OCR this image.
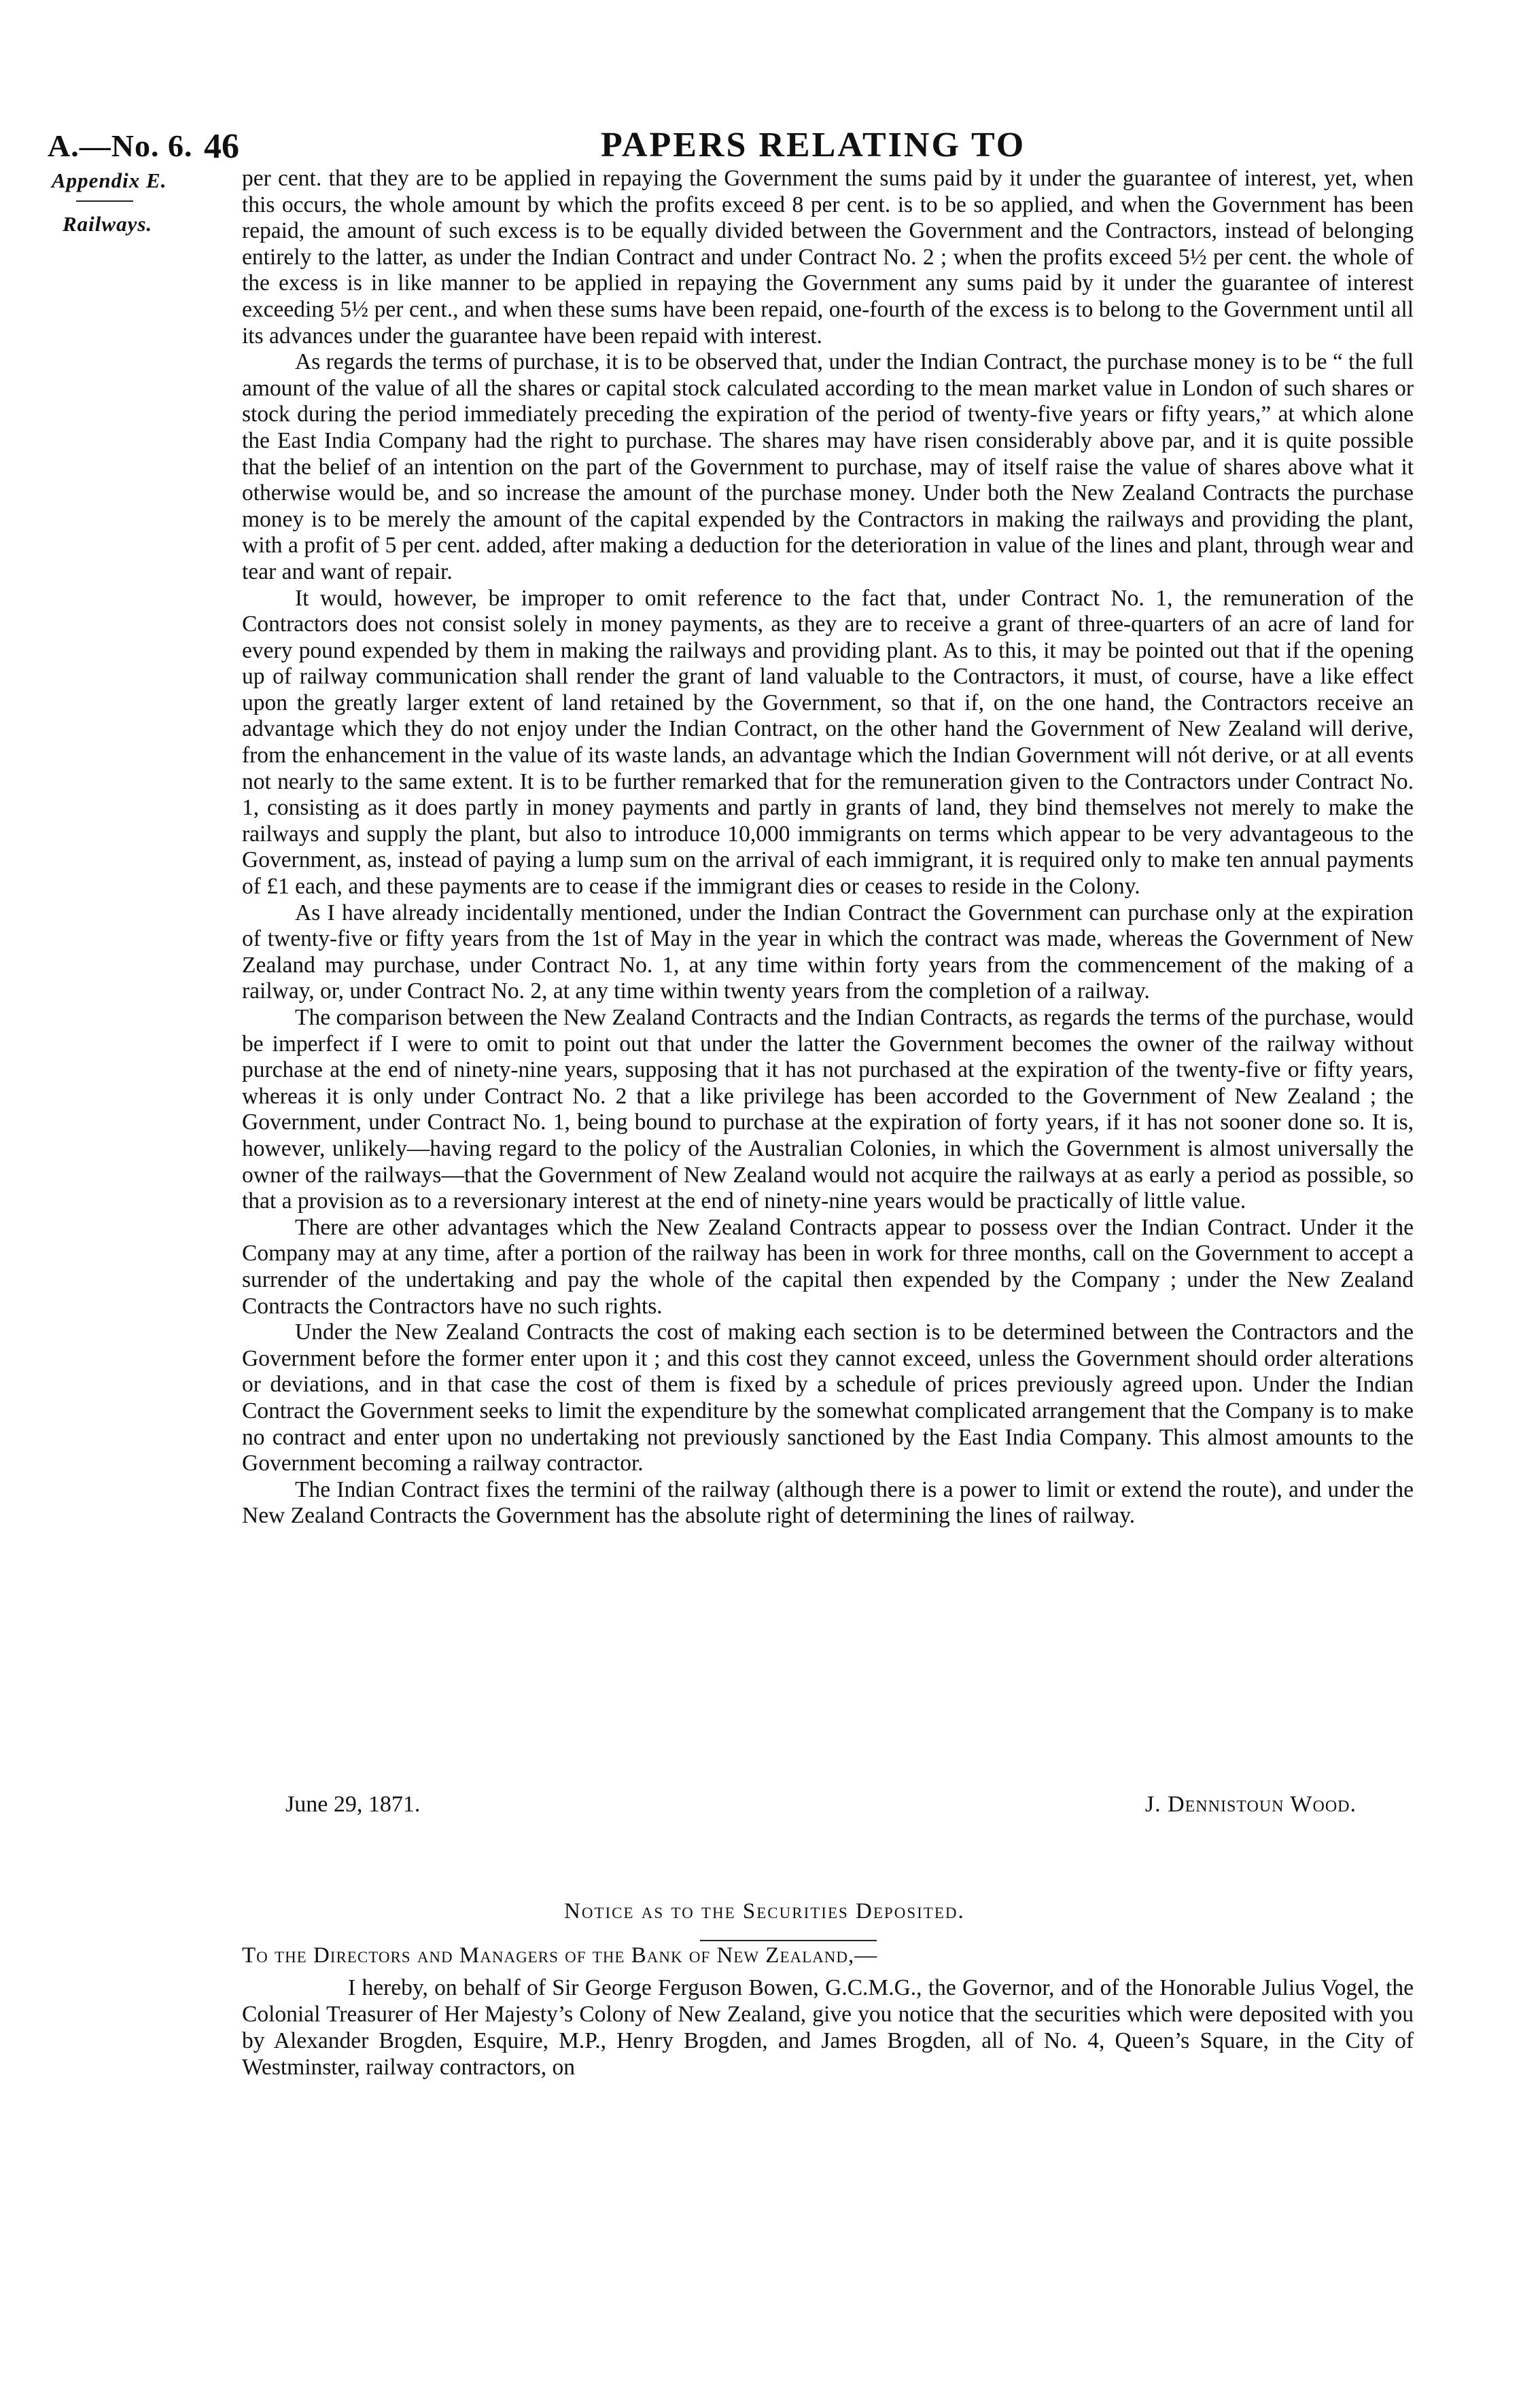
A.—No. 6. 46	PAPERS RELATING TO
Appendix E.
Railways.

per cent. that they are to be applied in repaying the Government the sums paid by it under the guarantee of interest, yet, when this occurs, the whole amount by which the profits exceed 8 per cent. is to be so applied, and when the Government has been repaid, the amount of such excess is to be equally divided between the Government and the Contractors, instead of belonging entirely to the latter, as under the Indian Contract and under Contract No. 2 ; when the profits exceed 5½ per cent. the whole of the excess is in like manner to be applied in repaying the Government any sums paid by it under the guarantee of interest exceeding 5½ per cent., and when these sums have been repaid, one-fourth of the excess is to belong to the Government until all its advances under the guarantee have been repaid with interest.

As regards the terms of purchase, it is to be observed that, under the Indian Contract, the purchase money is to be “ the full amount of the value of all the shares or capital stock calculated according to the mean market value in London of such shares or stock during the period immediately preceding the expiration of the period of twenty-five years or fifty years,” at which alone the East India Company had the right to purchase. The shares may have risen considerably above par, and it is quite possible that the belief of an intention on the part of the Government to purchase, may of itself raise the value of shares above what it otherwise would be, and so increase the amount of the purchase money. Under both the New Zealand Contracts the purchase money is to be merely the amount of the capital expended by the Contractors in making the railways and providing the plant, with a profit of 5 per cent. added, after making a deduction for the deterioration in value of the lines and plant, through wear and tear and want of repair.

It would, however, be improper to omit reference to the fact that, under Contract No. 1, the remuneration of the Contractors does not consist solely in money payments, as they are to receive a grant of three-quarters of an acre of land for every pound expended by them in making the railways and providing plant. As to this, it may be pointed out that if the opening up of railway communication shall render the grant of land valuable to the Contractors, it must, of course, have a like effect upon the greatly larger extent of land retained by the Government, so that if, on the one hand, the Contractors receive an advantage which they do not enjoy under the Indian Contract, on the other hand the Government of New Zealand will derive, from the enhancement in the value of its waste lands, an advantage which the Indian Government will nót derive, or at all events not nearly to the same extent. It is to be further remarked that for the remuneration given to the Contractors under Contract No. 1, consisting as it does partly in money payments and partly in grants of land, they bind themselves not merely to make the railways and supply the plant, but also to introduce 10,000 immigrants on terms which appear to be very advantageous to the Government, as, instead of paying a lump sum on the arrival of each immigrant, it is required only to make ten annual payments of £1 each, and these payments are to cease if the immigrant dies or ceases to reside in the Colony.

As I have already incidentally mentioned, under the Indian Contract the Government can purchase only at the expiration of twenty-five or fifty years from the 1st of May in the year in which the contract was made, whereas the Government of New Zealand may purchase, under Contract No. 1, at any time within forty years from the commencement of the making of a railway, or, under Contract No. 2, at any time within twenty years from the completion of a railway.

The comparison between the New Zealand Contracts and the Indian Contracts, as regards the terms of the purchase, would be imperfect if I were to omit to point out that under the latter the Government becomes the owner of the railway without purchase at the end of ninety-nine years, supposing that it has not purchased at the expiration of the twenty-five or fifty years, whereas it is only under Contract No. 2 that a like privilege has been accorded to the Government of New Zealand ; the Government, under Contract No. 1, being bound to purchase at the expiration of forty years, if it has not sooner done so. It is, however, unlikely—having regard to the policy of the Australian Colonies, in which the Government is almost universally the owner of the railways—that the Government of New Zealand would not acquire the railways at as early a period as possible, so that a provision as to a reversionary interest at the end of ninety-nine years would be practically of little value.

There are other advantages which the New Zealand Contracts appear to possess over the Indian Contract. Under it the Company may at any time, after a portion of the railway has been in work for three months, call on the Government to accept a surrender of the undertaking and pay the whole of the capital then expended by the Company ; under the New Zealand Contracts the Contractors have no such rights.

Under the New Zealand Contracts the cost of making each section is to be determined between the Contractors and the Government before the former enter upon it ; and this cost they cannot exceed, unless the Government should order alterations or deviations, and in that case the cost of them is fixed by a schedule of prices previously agreed upon. Under the Indian Contract the Government seeks to limit the expenditure by the somewhat complicated arrangement that the Company is to make no contract and enter upon no undertaking not previously sanctioned by the East India Company. This almost amounts to the Government becoming a railway contractor.

The Indian Contract fixes the termini of the railway (although there is a power to limit or extend the route), and under the New Zealand Contracts the Government has the absolute right of determining the lines of railway.

June 29, 1871.	J. Dennistoun Wood.
Notice as to the Securities Deposited.
To the Directors and Managers of the Bank of New Zealand,—

I hereby, on behalf of Sir George Ferguson Bowen, G.C.M.G., the Governor, and of the Honorable Julius Vogel, the Colonial Treasurer of Her Majesty’s Colony of New Zealand, give you notice that the securities which were deposited with you by Alexander Brogden, Esquire, M.P., Henry Brogden, and James Brogden, all of No. 4, Queen’s Square, in the City of Westminster, railway contractors, on
